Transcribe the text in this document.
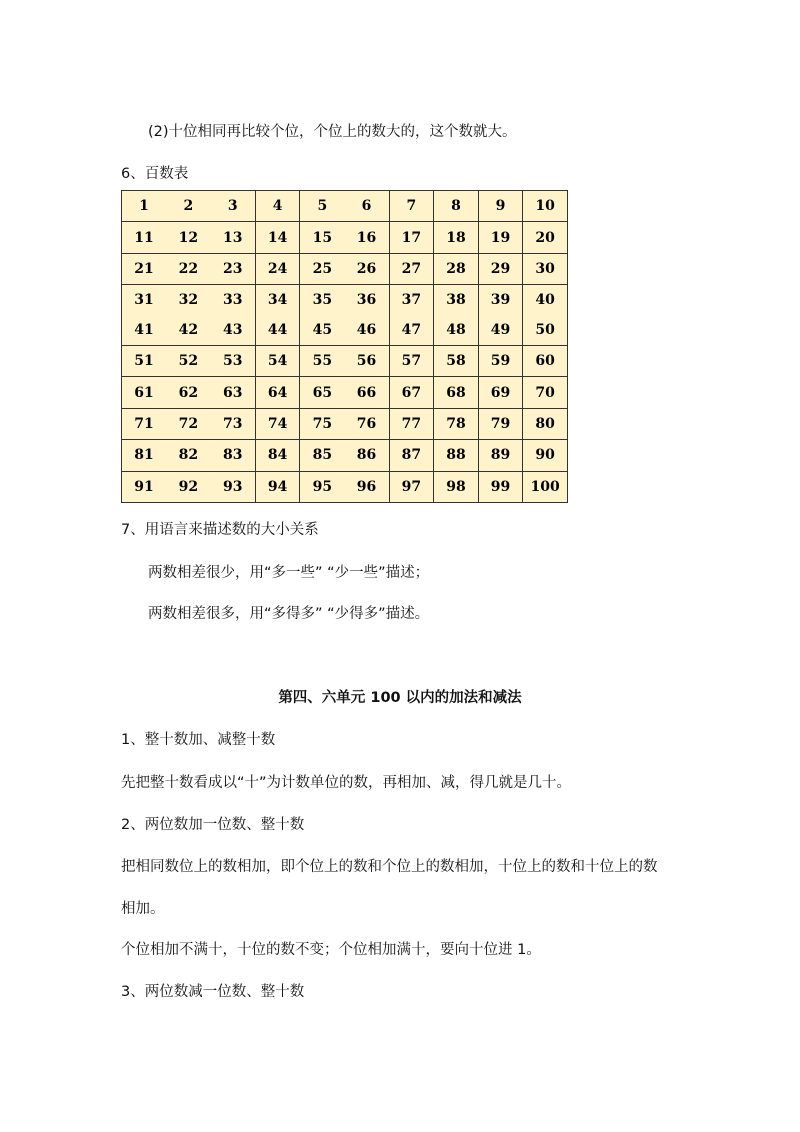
(2)十位相同再比较个位，个位上的数大的，这个数就大。
6、百数表
1	2	3	4	5	6	7	8	9	10
11	12	13	14	15	16	17	18	19	20
21	22	23	24	25	26	27	28	29	30
31	32	33	34	35	36	37	38	39	40
41	42	43	44	45	46	47	48	49	50
51	52	53	54	55	56	57	58	59	60
61	62	63	64	65	66	67	68	69	70
71	72	73	74	75	76	77	78	79	80
81	82	83	84	85	86	87	88	89	90
91	92	93	94	95	96	97	98	99	100
7、用语言来描述数的大小关系
两数相差很少，用“多一些” “少一些”描述；
两数相差很多，用“多得多” “少得多”描述。
第四、六单元 100 以内的加法和减法
1、整十数加、减整十数
先把整十数看成以“十”为计数单位的数，再相加、减，得几就是几十。
2、两位数加一位数、整十数
把相同数位上的数相加，即个位上的数和个位上的数相加，十位上的数和十位上的数
相加。
个位相加不满十，十位的数不变；个位相加满十，要向十位进 1。
3、两位数减一位数、整十数
